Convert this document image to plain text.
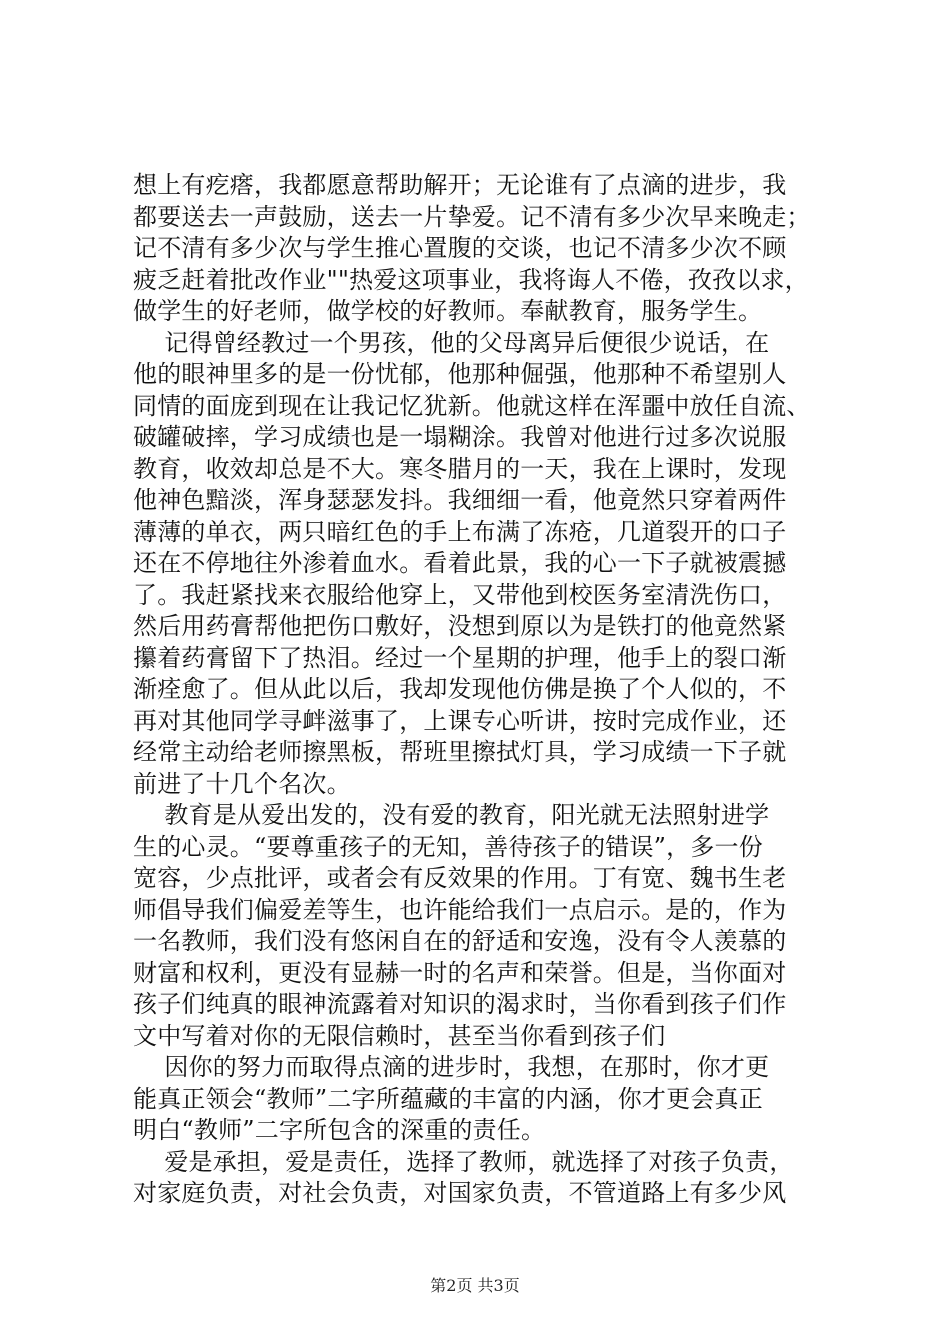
想上有疙瘩，我都愿意帮助解开；无论谁有了点滴的进步，我
都要送去一声鼓励，送去一片挚爱。记不清有多少次早来晚走；
记不清有多少次与学生推心置腹的交谈，也记不清多少次不顾
疲乏赶着批改作业""热爱这项事业，我将诲人不倦，孜孜以求，
做学生的好老师，做学校的好教师。奉献教育，服务学生。
记得曾经教过一个男孩，他的父母离异后便很少说话，在
他的眼神里多的是一份忧郁，他那种倔强，他那种不希望别人
同情的面庞到现在让我记忆犹新。他就这样在浑噩中放任自流、
破罐破摔，学习成绩也是一塌糊涂。我曾对他进行过多次说服
教育，收效却总是不大。寒冬腊月的一天，我在上课时，发现
他神色黯淡，浑身瑟瑟发抖。我细细一看，他竟然只穿着两件
薄薄的单衣，两只暗红色的手上布满了冻疮，几道裂开的口子
还在不停地往外渗着血水。看着此景，我的心一下子就被震撼
了。我赶紧找来衣服给他穿上，又带他到校医务室清洗伤口，
然后用药膏帮他把伤口敷好，没想到原以为是铁打的他竟然紧
攥着药膏留下了热泪。经过一个星期的护理，他手上的裂口渐
渐痊愈了。但从此以后，我却发现他仿佛是换了个人似的，不
再对其他同学寻衅滋事了，上课专心听讲，按时完成作业，还
经常主动给老师擦黑板，帮班里擦拭灯具，学习成绩一下子就
前进了十几个名次。
教育是从爱出发的，没有爱的教育，阳光就无法照射进学
生的心灵。“要尊重孩子的无知，善待孩子的错误”，多一份
宽容，少点批评，或者会有反效果的作用。丁有宽、魏书生老
师倡导我们偏爱差等生，也许能给我们一点启示。是的，作为
一名教师，我们没有悠闲自在的舒适和安逸，没有令人羡慕的
财富和权利，更没有显赫一时的名声和荣誉。但是，当你面对
孩子们纯真的眼神流露着对知识的渴求时，当你看到孩子们作
文中写着对你的无限信赖时，甚至当你看到孩子们
因你的努力而取得点滴的进步时，我想，在那时，你才更
能真正领会“教师”二字所蕴藏的丰富的内涵，你才更会真正
明白“教师”二字所包含的深重的责任。
爱是承担，爱是责任，选择了教师，就选择了对孩子负责，
对家庭负责，对社会负责，对国家负责，不管道路上有多少风
第2页 共3页
